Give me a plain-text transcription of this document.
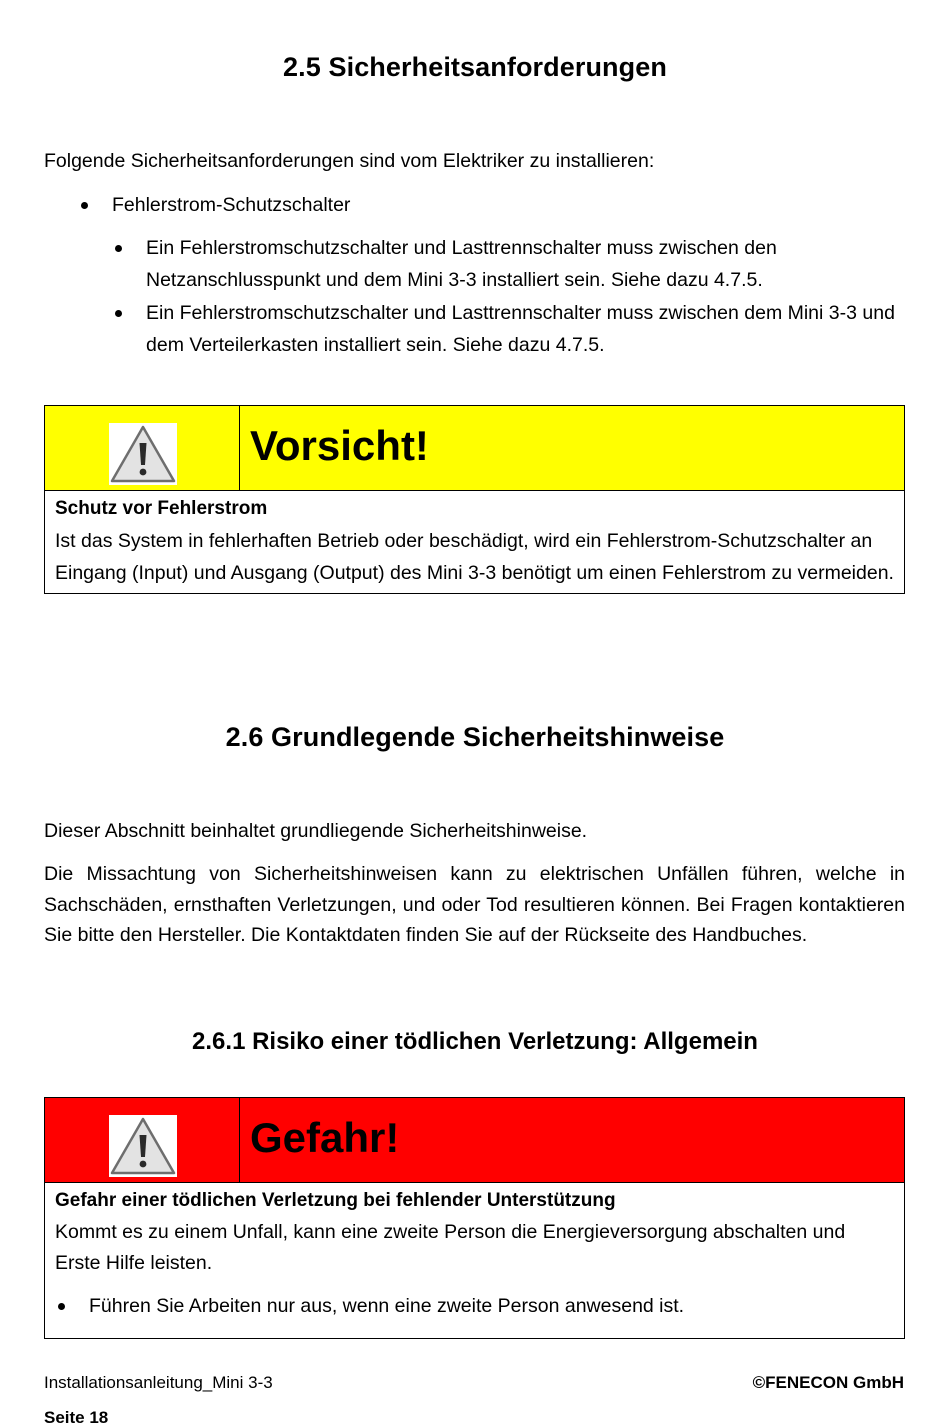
2.5 Sicherheitsanforderungen
Folgende Sicherheitsanforderungen sind vom Elektriker zu installieren:
Fehlerstrom-Schutzschalter
Ein Fehlerstromschutzschalter und Lasttrennschalter muss zwischen den Netzanschlusspunkt und dem Mini 3-3 installiert sein. Siehe dazu 4.7.5.
Ein Fehlerstromschutzschalter und Lasttrennschalter muss zwischen dem Mini 3-3 und dem Verteilerkasten installiert sein. Siehe dazu 4.7.5.
Vorsicht!
Schutz vor Fehlerstrom
Ist das System in fehlerhaften Betrieb oder beschädigt, wird ein Fehlerstrom-Schutzschalter an Eingang (Input) und Ausgang (Output) des Mini 3-3 benötigt um einen Fehlerstrom zu vermeiden.
2.6 Grundlegende Sicherheitshinweise
Dieser Abschnitt beinhaltet grundliegende Sicherheitshinweise.
Die Missachtung von Sicherheitshinweisen kann zu elektrischen Unfällen führen, welche in Sachschäden, ernsthaften Verletzungen, und oder Tod resultieren können. Bei Fragen kontaktieren Sie bitte den Hersteller. Die Kontaktdaten finden Sie auf der Rückseite des Handbuches.
2.6.1 Risiko einer tödlichen Verletzung: Allgemein
Gefahr!
Gefahr einer tödlichen Verletzung bei fehlender Unterstützung
Kommt es zu einem Unfall, kann eine zweite Person die Energieversorgung abschalten und Erste Hilfe leisten.
Führen Sie Arbeiten nur aus, wenn eine zweite Person anwesend ist.
Installationsanleitung_Mini 3-3	©FENECON GmbH
Seite 18
